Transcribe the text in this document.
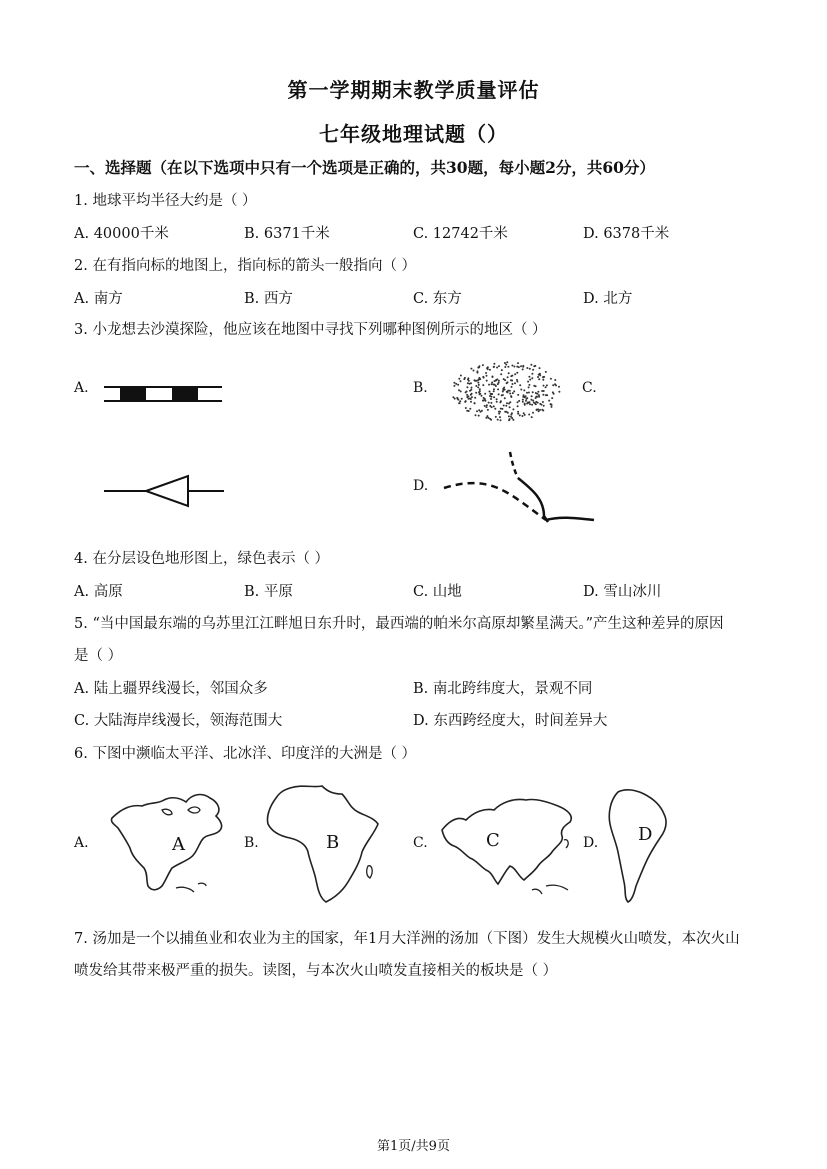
第一学期期末教学质量评估
七年级地理试题（）
一、选择题（在以下选项中只有一个选项是正确的，共30题，每小题2分，共60分）
1. 地球平均半径大约是（ ）
A. 40000千米	B. 6371千米	C. 12742千米	D. 6378千米
2. 在有指向标的地图上，指向标的箭头一般指向（ ）
A. 南方	B. 西方	C. 东方	D. 北方
3. 小龙想去沙漠探险，他应该在地图中寻找下列哪种图例所示的地区（ ）
A.	B.	C.
D.
4. 在分层设色地形图上，绿色表示（ ）
A. 高原	B. 平原	C. 山地	D. 雪山冰川
5. “当中国最东端的乌苏里江江畔旭日东升时，最西端的帕米尔高原却繁星满天。”产生这种差异的原因
是（ ）
A. 陆上疆界线漫长，邻国众多	B. 南北跨纬度大，景观不同
C. 大陆海岸线漫长，领海范围大	D. 东西跨经度大，时间差异大
6. 下图中濒临太平洋、北冰洋、印度洋的大洲是（ ）
A.	B.	C.	D.
A	B	C	D
7. 汤加是一个以捕鱼业和农业为主的国家，年1月大洋洲的汤加（下图）发生大规模火山喷发，本次火山
喷发给其带来极严重的损失。读图，与本次火山喷发直接相关的板块是（ ）
第1页/共9页
